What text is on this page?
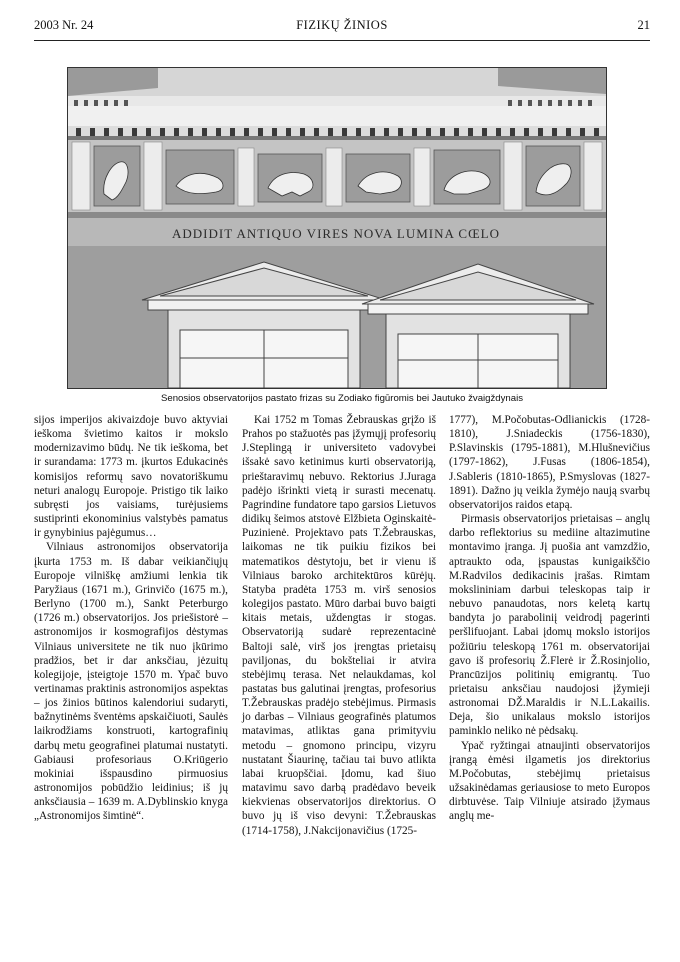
2003 Nr. 24	FIZIKŲ ŽINIOS	21
ADDIDIT ANTIQUO VIRES NOVA LUMINA CŒLO
Senosios observatorijos pastato frizas su Zodiako figūromis bei Jautuko žvaigždynais

sijos imperijos akivaizdoje buvo aktyviai ieškoma švietimo kaitos ir mokslo modernizavimo būdų. Ne tik ieškoma, bet ir surandama: 1773 m. įkurtos Edukacinės komisijos reformų savo novatoriškumu neturi analogų Europoje. Pristigo tik laiko subręsti jos vaisiams, turėjusiems sustiprinti ekonominius valstybės pamatus ir gynybinius pajėgumus…

Vilniaus astronomijos observatorija įkurta 1753 m. Iš dabar veikiančiųjų Europoje vilniškę amžiumi lenkia tik Paryžiaus (1671 m.), Grinvičo (1675 m.), Berlyno (1700 m.), Sankt Peterburgo (1726 m.) observatorijos. Jos priešistorė – astronomijos ir kosmografijos dėstymas Vilniaus universitete ne tik nuo įkūrimo pradžios, bet ir dar anksčiau, jėzuitų kolegijoje, įsteigtoje 1570 m. Ypač buvo vertinamas praktinis astronomijos aspektas – jos žinios būtinos kalendoriui sudaryti, bažnytinėms šventėms apskaičiuoti, Saulės laikrodžiams konstruoti, kartografinių darbų metu geografinei platumai nustatyti. Gabiausi profesoriaus O.Kriūgerio mokiniai išspausdino pirmuosius astronomijos pobūdžio leidinius; iš jų anksčiausia – 1639 m. A.Dyblinskio knyga „Astronomijos šimtinė“.

Kai 1752 m Tomas Žebrauskas grįžo iš Prahos po stažuotės pas įžymųjį profesorių J.Steplingą ir universiteto vadovybei išsakė savo ketinimus kurti observatoriją, prieštaravimų nebuvo. Rektorius J.Juraga padėjo išrinkti vietą ir surasti mecenatų. Pagrindine fundatore tapo garsios Lietuvos didikų šeimos atstovė Elžbieta Oginskaitė-Puzinienė. Projektavo pats T.Žebrauskas, laikomas ne tik puikiu fizikos bei matematikos dėstytoju, bet ir vienu iš Vilniaus baroko architektūros kūrėjų. Statyba pradėta 1753 m. virš senosios kolegijos pastato. Mūro darbai buvo baigti kitais metais, uždengtas ir stogas. Observatoriją sudarė reprezentacinė Baltoji salė, virš jos įrengtas prietaisų paviljonas, du bokšteliai ir atvira stebėjimų terasa. Net nelaukdamas, kol pastatas bus galutinai įrengtas, profesorius T.Žebrauskas pradėjo stebėjimus. Pirmasis jo darbas – Vilniaus geografinės platumos matavimas, atliktas gana primityviu metodu – gnomono principu, vizyru nustatant Šiaurinę, tačiau tai buvo atlikta labai kruopščiai. Įdomu, kad šiuo matavimu savo darbą pradėdavo beveik kiekvienas observatorijos direktorius. O buvo jų iš viso devyni: T.Žebrauskas (1714-1758), J.Nakcijonavičius (1725-

1777), M.Počobutas-Odlianickis (1728-1810), J.Sniadeckis (1756-1830), P.Slavinskis (1795-1881), M.Hlušnevičius (1797-1862), J.Fusas (1806-1854), J.Sableris (1810-1865), P.Smyslovas (1827-1891). Dažno jų veikla žymėjo naują svarbų observatorijos raidos etapą.

Pirmasis observatorijos prietaisas – anglų darbo reflektorius su mediine altazimutine montavimo įranga. Jį puošia ant vamzdžio, aptraukto oda, įspaustas kunigaikščio M.Radvilos dedikacinis įrašas. Rimtam mokslininiam darbui teleskopas taip ir nebuvo panaudotas, nors keletą kartų bandyta jo paraboliniį veidrodį pagerinti peršlifuojant. Labai įdomų mokslo istorijos požiūriu teleskopą 1761 m. observatorijai gavo iš profesorių Ž.Flerė ir Ž.Rosinjolio, Prancūzijos politinių emigrantų. Tuo prietaisu anksčiau naudojosi įžymieji astronomai DŽ.Maraldis ir N.L.Lakailis. Deja, šio unikalaus mokslo istorijos paminklo neliko nė pėdsakų.

Ypač ryžtingai atnaujinti observatorijos įrangą ėmėsi ilgametis jos direktorius M.Počobutas, stebėjimų prietaisus užsakinėdamas geriausiose to meto Europos dirbtuvėse. Taip Vilniuje atsirado įžymaus anglų me-
